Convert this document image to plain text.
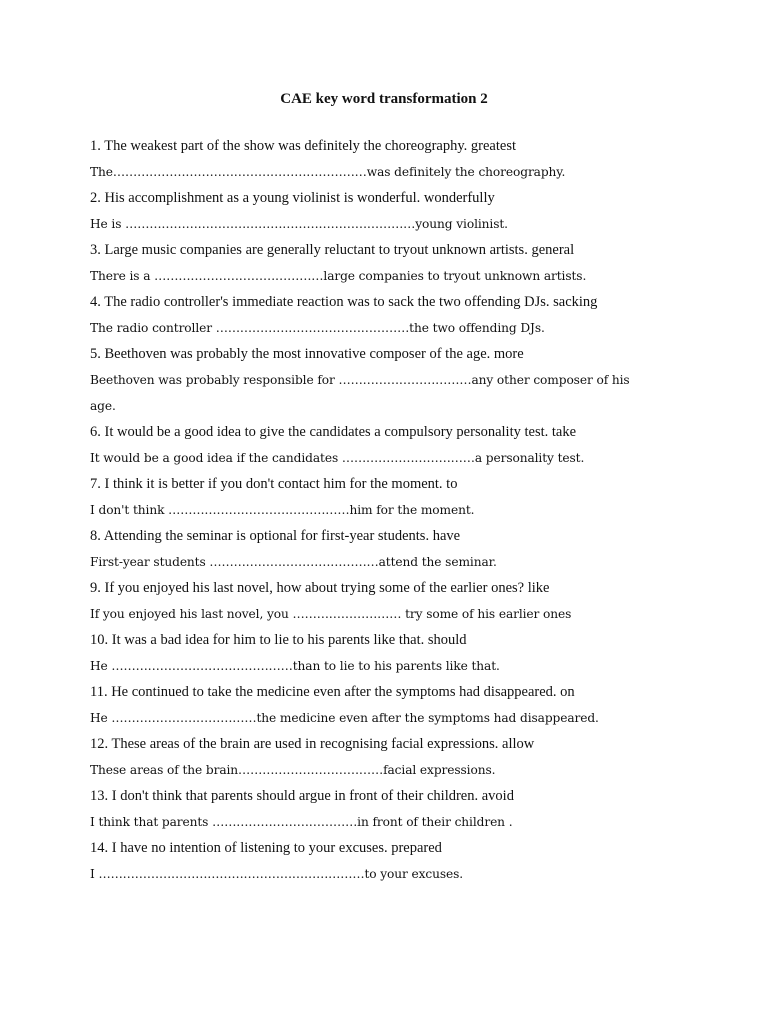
CAE key word transformation 2
1. The weakest part of the show was definitely the choreography. greatest
The………………………………………………………was definitely the choreography.
2. His accomplishment as a young violinist is wonderful. wonderfully
He is ………………………………………………………………young violinist.
3. Large music companies are generally reluctant to tryout unknown artists. general
There is a ……………………………………large companies to tryout unknown artists.
4. The radio controller's immediate reaction was to sack the two offending DJs. sacking
The radio controller …………………………………………the two offending DJs.
5. Beethoven was probably the most innovative composer of the age. more
Beethoven was probably responsible for ……………………………any other composer of his
age.
6. It would be a good idea to give the candidates a compulsory personality test. take
It would be a good idea if the candidates ……………………………a personality test.
7. I think it is better if you don't contact him for the moment. to
I don't think ………………………………………him for the moment.
8. Attending the seminar is optional for first-year students. have
First-year students ……………………………………attend the seminar.
9. If you enjoyed his last novel, how about trying some of the earlier ones? like
If you enjoyed his last novel, you ……………………… try some of his earlier ones
10. It was a bad idea for him to lie to his parents like that. should
He ………………………………………than to lie to his parents like that.
11. He continued to take the medicine even after the symptoms had disappeared. on
He ………………………………the medicine even after the symptoms had disappeared.
12. These areas of the brain are used in recognising facial expressions. allow
These areas of the brain………………………………facial expressions.
13. I don't think that parents should argue in front of their children. avoid
I think that parents ………………………………in front of their children .
14. I have no intention of listening to your excuses. prepared
I …………………………………………………………to your excuses.
